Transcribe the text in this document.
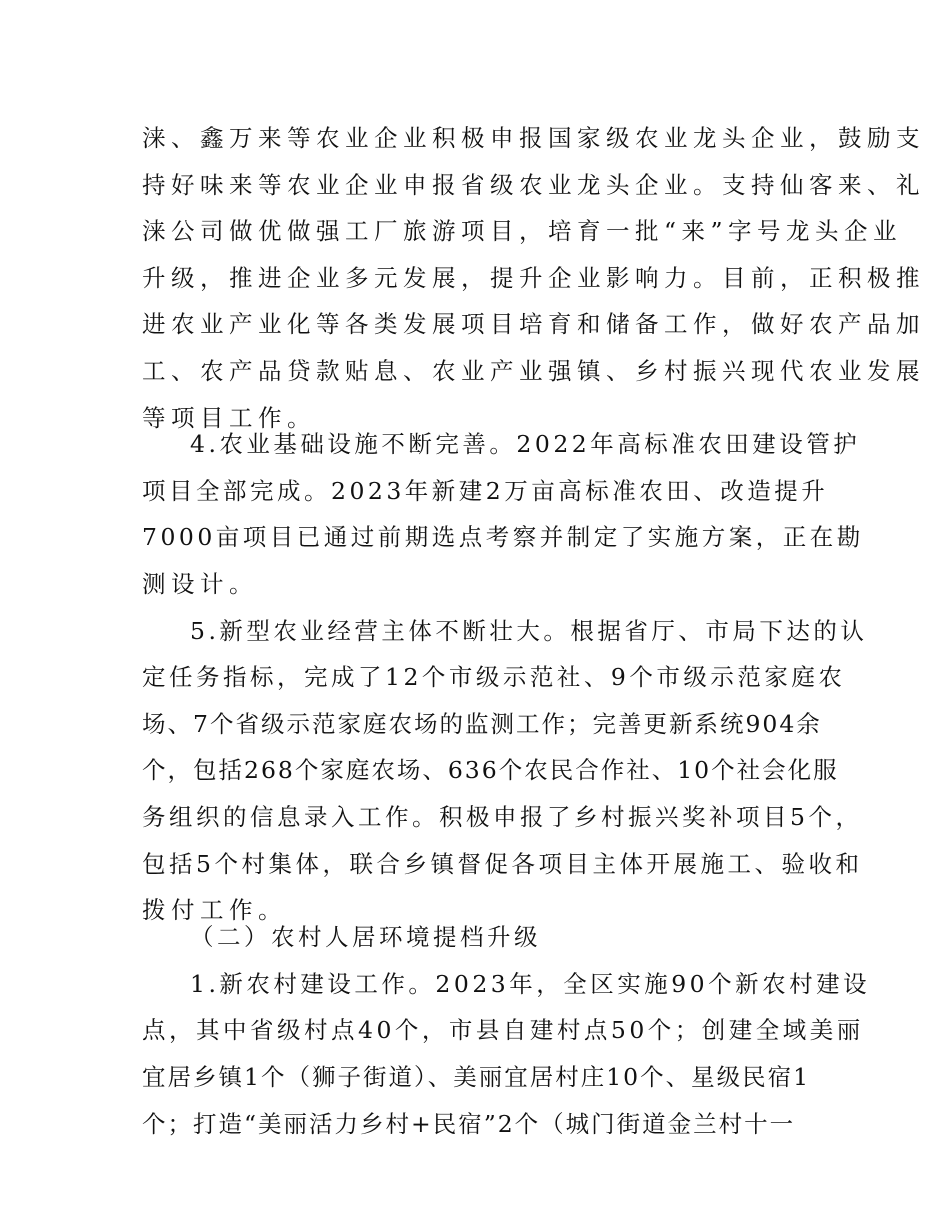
涞、鑫万来等农业企业积极申报国家级农业龙头企业，鼓励支
持好味来等农业企业申报省级农业龙头企业。支持仙客来、礼
涞公司做优做强工厂旅游项目，培育一批“来”字号龙头企业
升级，推进企业多元发展，提升企业影响力。目前，正积极推
进农业产业化等各类发展项目培育和储备工作，做好农产品加
工、农产品贷款贴息、农业产业强镇、乡村振兴现代农业发展
等项目工作。
4.农业基础设施不断完善。2022年高标准农田建设管护
项目全部完成。2023年新建2万亩高标准农田、改造提升
7000亩项目已通过前期选点考察并制定了实施方案，正在勘
测设计。
5.新型农业经营主体不断壮大。根据省厅、市局下达的认
定任务指标，完成了12个市级示范社、9个市级示范家庭农
场、7个省级示范家庭农场的监测工作；完善更新系统904余
个，包括268个家庭农场、636个农民合作社、10个社会化服
务组织的信息录入工作。积极申报了乡村振兴奖补项目5个，
包括5个村集体，联合乡镇督促各项目主体开展施工、验收和
拨付工作。
（二）农村人居环境提档升级
1.新农村建设工作。2023年，全区实施90个新农村建设
点，其中省级村点40个，市县自建村点50个；创建全域美丽
宜居乡镇1个（狮子街道）、美丽宜居村庄10个、星级民宿1
个；打造“美丽活力乡村+民宿”2个（城门街道金兰村十一
